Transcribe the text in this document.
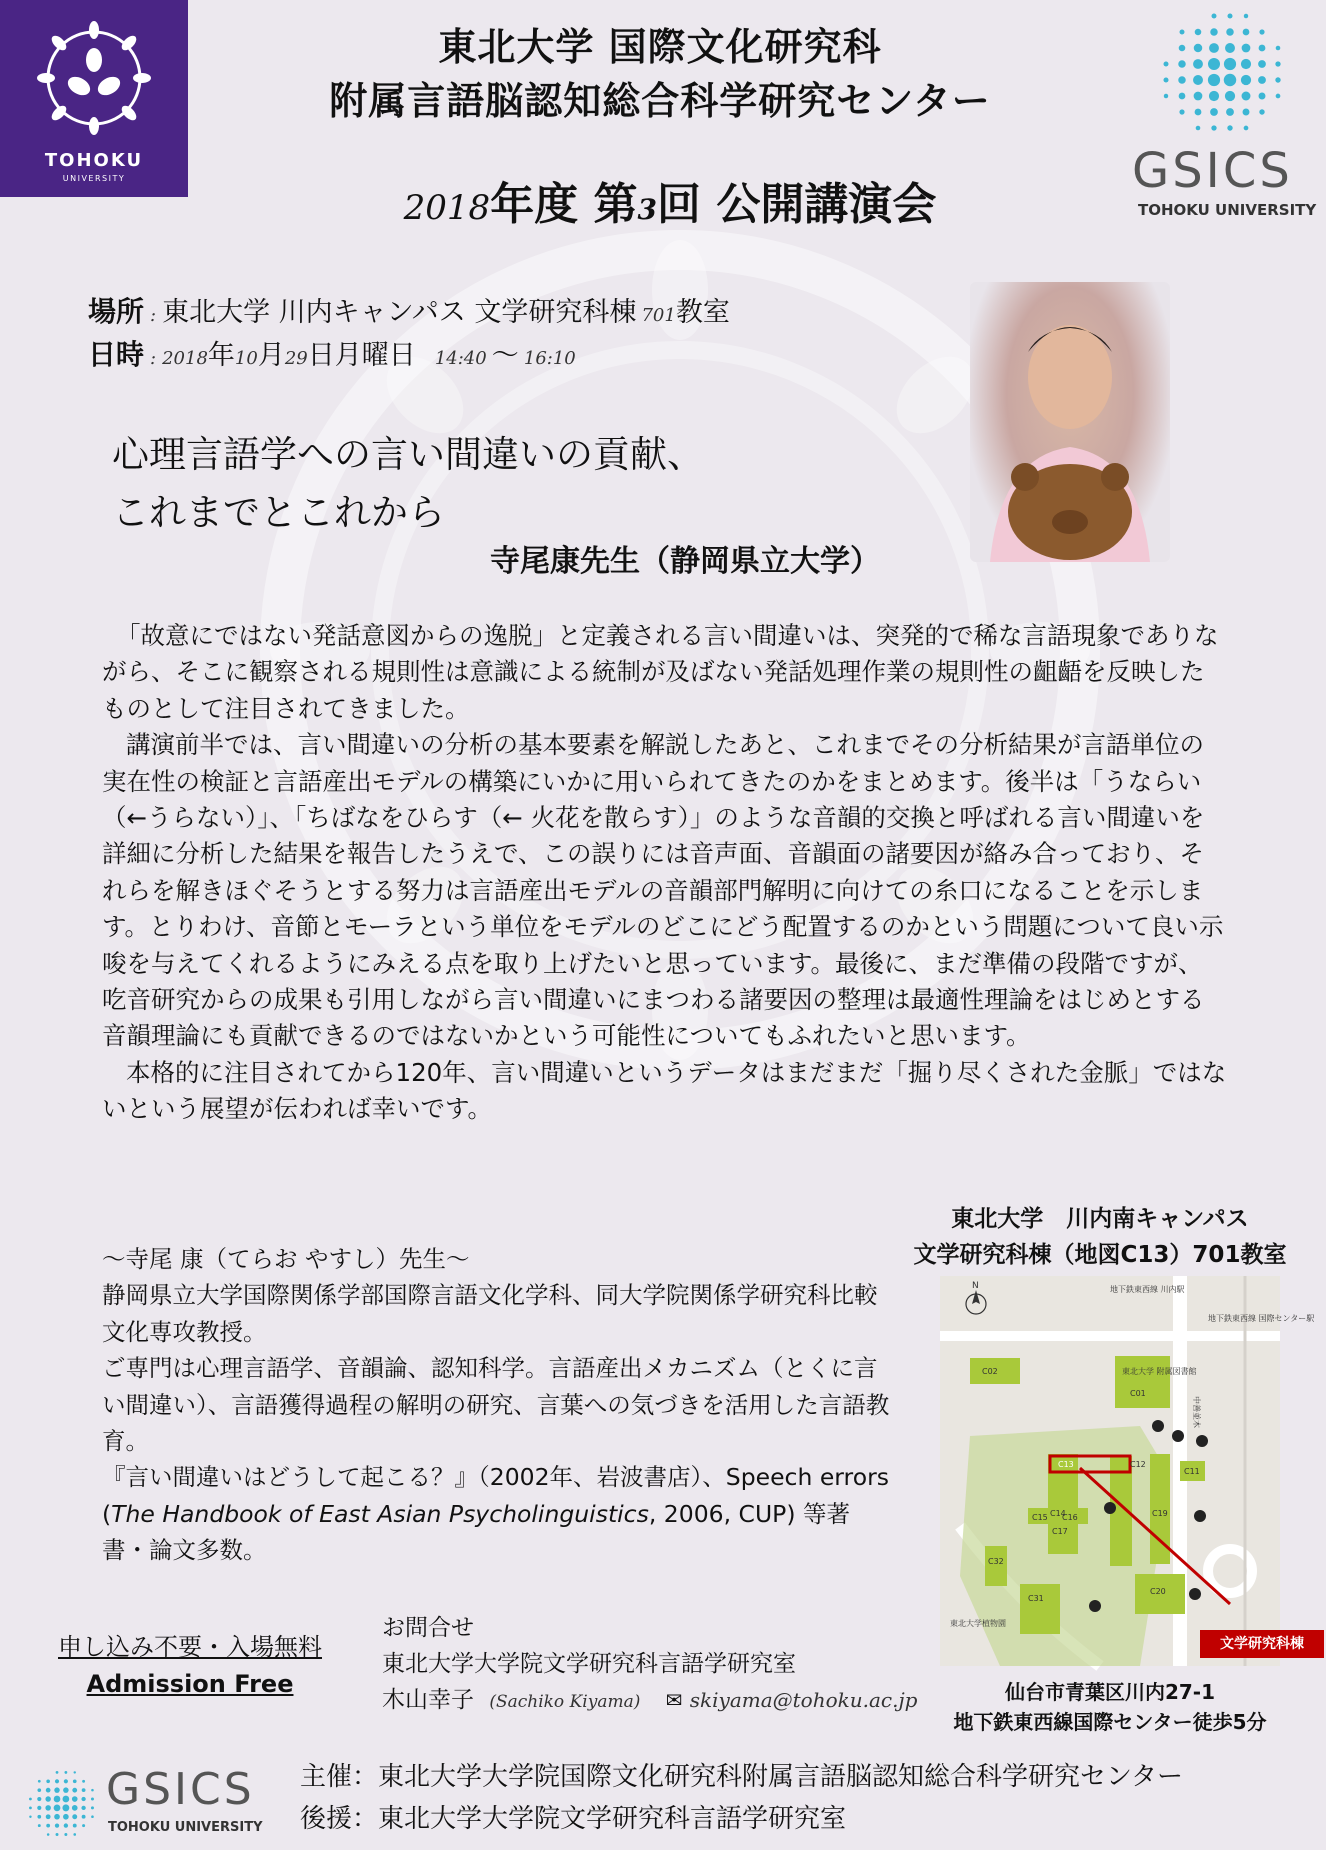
TOHOKU
UNIVERSITY	GSICS
TOHOKU UNIVERSITY
東北大学 国際文化研究科
附属言語脳認知総合科学研究センター
2018年度 第3回 公開講演会
場所 : 東北大学 川内キャンパス 文学研究科棟 701教室
日時 : 2018年10月29日月曜日 14:40 〜 16:10
心理言語学への言い間違いの貢献、
これまでとこれから
寺尾康先生（静岡県立大学）

「故意にではない発話意図からの逸脱」と定義される言い間違いは、突発的で稀な言語現象でありながら、そこに観察される規則性は意識による統制が及ばない発話処理作業の規則性の齟齬を反映したものとして注目されてきました。

講演前半では、言い間違いの分析の基本要素を解説したあと、これまでその分析結果が言語単位の実在性の検証と言語産出モデルの構築にいかに用いられてきたのかをまとめます。後半は「うならい（←うらない）」、「ちばなをひらす（← 火花を散らす）」のような音韻的交換と呼ばれる言い間違いを詳細に分析した結果を報告したうえで、この誤りには音声面、音韻面の諸要因が絡み合っており、それらを解きほぐそうとする努力は言語産出モデルの音韻部門解明に向けての糸口になることを示します。とりわけ、音節とモーラという単位をモデルのどこにどう配置するのかという問題について良い示唆を与えてくれるようにみえる点を取り上げたいと思っています。最後に、まだ準備の段階ですが、吃音研究からの成果も引用しながら言い間違いにまつわる諸要因の整理は最適性理論をはじめとする音韻理論にも貢献できるのではないかという可能性についてもふれたいと思います。

本格的に注目されてから120年、言い間違いというデータはまだまだ「掘り尽くされた金脈」ではないという展望が伝われば幸いです。

〜寺尾 康（てらお やすし）先生〜

静岡県立大学国際関係学部国際言語文化学科、同大学院関係学研究科比較文化専攻教授。

ご専門は心理言語学、音韻論、認知科学。言語産出メカニズム（とくに言い間違い）、言語獲得過程の解明の研究、言葉への気づきを活用した言語教育。

『言い間違いはどうして起こる？』（2002年、岩波書店）、Speech errors (The Handbook of East Asian Psycholinguistics, 2006, CUP) 等著書・論文多数。

東北大学　川内南キャンパス
文学研究科棟（地図C13）701教室
C02
C01
C13	C12
C11
C14
C15 C16
C17
C19
C32
C20
C31
東北大学植物園
地下鉄東西線 川内駅
地下鉄東西線 国際センター駅
東北大学 附属図書館
中善並木
N
文学研究科棟
仙台市青葉区川内27-1
地下鉄東西線国際センター徒歩5分
申し込み不要・入場無料
Admission Free
お問合せ
東北大学大学院文学研究科言語学研究室
木山幸子 (Sachiko Kiyama) ✉ skiyama@tohoku.ac.jp
GSICS
TOHOKU UNIVERSITY
主催：東北大学大学院国際文化研究科附属言語脳認知総合科学研究センター
後援：東北大学大学院文学研究科言語学研究室
